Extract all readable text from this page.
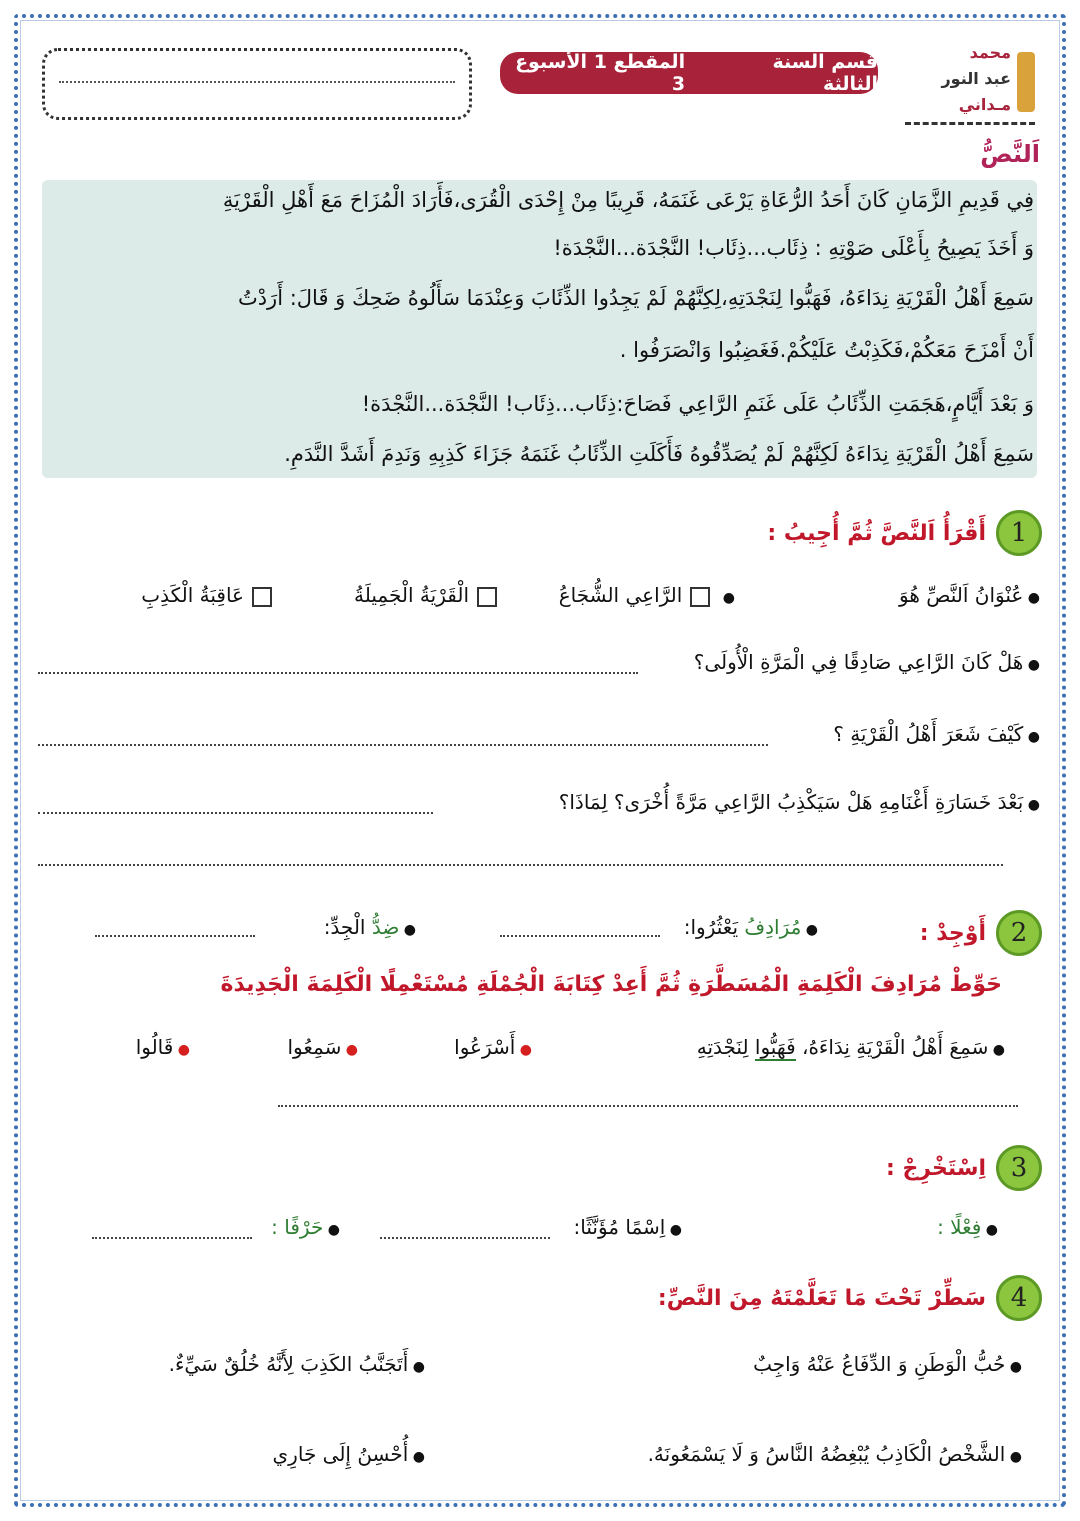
قسم السنة الثالثة
المقطع 1 الأسبوع 3
محمد
عبد النور
مـداني
اَلنَّصُّ
فِي قَدِيمِ الزَّمَانِ كَانَ أَحَدُ الرُّعَاةِ يَرْعَى غَنَمَهُ، قَرِيبًا مِنْ إِحْدَى الْقُرَى،فَأَرَادَ الْمُزَاحَ مَعَ أَهْلِ الْقَرْيَةِ
وَ أَخَذَ يَصِيحُ بِأَعْلَى صَوْتِهِ : ذِئَاب...ذِئَاب! النَّجْدَة...النَّجْدَة!
سَمِعَ أَهْلُ الْقَرْيَةِ نِدَاءَهُ، فَهَبُّوا لِنَجْدَتِهِ،لِكِنَّهُمْ لَمْ يَجِدُوا الذِّئَابَ وَعِنْدَمَا سَأَلُوهُ ضَحِكَ وَ قَالَ: أَرَدْتُ
أَنْ أَمْزَحَ مَعَكُمْ،فَكَذِبْتُ عَلَيْكُمْ.فَغَضِبُوا وَانْصَرَفُوا .
وَ بَعْدَ أَيَّامٍ،هَجَمَتِ الذِّئَابُ عَلَى غَنَمِ الرَّاعِي فَصَاحَ:ذِئَاب...ذِئَاب! النَّجْدَة...النَّجْدَة!
سَمِعَ أَهْلُ الْقَرْيَةِ نِدَاءَهُ لَكِنَّهُمْ لَمْ يُصَدِّقُوهُ فَأَكَلَتِ الذِّئَابُ غَنَمَهُ جَزَاءَ كَذِبِهِ وَنَدِمَ أَشَدَّ النَّدَمِ.
1
أَقْرَأُ اَلنَّصَّ ثُمَّ أُجِيبُ :
● عُنْوَانُ اَلنَّصِّ هُوَ
● الرَّاعِي الشُّجَاعُ
الْقَرْيَةُ الْجَمِيلَةُ
عَاقِبَةُ الْكَذِبِ
● هَلْ كَانَ الرَّاعِي صَادِقًا فِي الْمَرَّةِ الْأُولَى؟
● كَيْفَ شَعَرَ أَهْلُ الْقَرْيَةِ ؟
● بَعْدَ خَسَارَةِ أَغْنَامِهِ هَلْ سَيَكْذِبُ الرَّاعِي مَرَّةً أُخْرَى؟ لِمَاذَا؟
2
أَوْجِدْ :
● مُرَادِفُ يَعْثُرُوا:
● ضِدُّ الْجِدِّ:
حَوِّطْ مُرَادِفَ الْكَلِمَةِ الْمُسَطَّرَةِ ثُمَّ أَعِدْ كِتَابَةَ الْجُمْلَةِ مُسْتَعْمِلًا الْكَلِمَةَ الْجَدِيدَةَ
● سَمِعَ أَهْلُ الْقَرْيَةِ نِدَاءَهُ، فَهَبُّوا لِنَجْدَتِهِ
● أَسْرَعُوا
● سَمِعُوا
● قَالُوا
3
اِسْتَخْرِجْ :
● فِعْلًا :
● اِسْمًا مُؤَنَّثًا:
● حَرْفًا :
4
سَطِّرْ تَحْتَ مَا تَعَلَّمْتَهُ مِنَ النَّصِّ:
● حُبُّ الْوَطَنِ وَ الدِّفَاعُ عَنْهُ وَاجِبٌ
● أَتَجَنَّبُ الكَذِبَ لِأَنَّهُ خُلُقٌ سَيِّءٌ.
● الشَّخْصُ الْكَاذِبُ يُبْغِضُهُ النَّاسُ وَ لَا يَسْمَعُونَهُ.
● أُحْسِنُ إِلَى جَارِي
